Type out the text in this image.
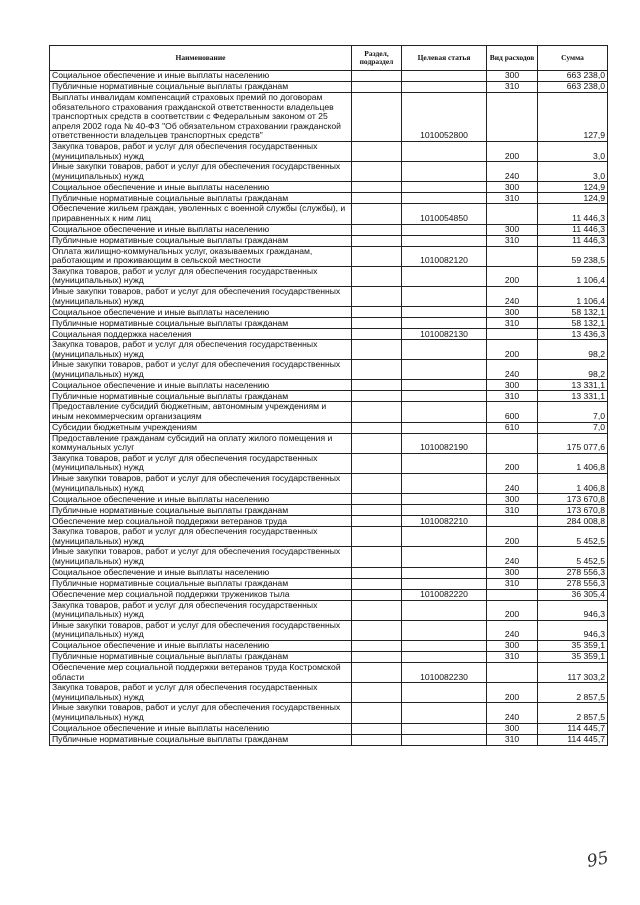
Наименование	Раздел, подраздел	Целевая статья	Вид расходов	Сумма
Социальное обеспечение и иные выплаты населению			300	663 238,0
Публичные нормативные социальные выплаты гражданам			310	663 238,0
Выплаты инвалидам компенсаций страховых премий по договорам обязательного страхования гражданской ответственности владельцев транспортных средств в соответствии с Федеральным законом от 25 апреля 2002 года № 40-ФЗ "Об обязательном страховании гражданской ответственности владельцев транспортных средств"		1010052800		127,9
Закупка товаров, работ и услуг для обеспечения государственных (муниципальных) нужд			200	3,0
Иные закупки товаров, работ и услуг для обеспечения государственных (муниципальных) нужд			240	3,0
Социальное обеспечение и иные выплаты населению			300	124,9
Публичные нормативные социальные выплаты гражданам			310	124,9
Обеспечение жильем граждан, уволенных с военной службы (службы), и приравненных к ним лиц		1010054850		11 446,3
Социальное обеспечение и иные выплаты населению			300	11 446,3
Публичные нормативные социальные выплаты гражданам			310	11 446,3
Оплата жилищно-коммунальных услуг, оказываемых гражданам, работающим и проживающим в сельской местности		1010082120		59 238,5
Закупка товаров, работ и услуг для обеспечения государственных (муниципальных) нужд			200	1 106,4
Иные закупки товаров, работ и услуг для обеспечения государственных (муниципальных) нужд			240	1 106,4
Социальное обеспечение и иные выплаты населению			300	58 132,1
Публичные нормативные социальные выплаты гражданам			310	58 132,1
Социальная поддержка населения		1010082130		13 436,3
Закупка товаров, работ и услуг для обеспечения государственных (муниципальных) нужд			200	98,2
Иные закупки товаров, работ и услуг для обеспечения государственных (муниципальных) нужд			240	98,2
Социальное обеспечение и иные выплаты населению			300	13 331,1
Публичные нормативные социальные выплаты гражданам			310	13 331,1
Предоставление субсидий бюджетным, автономным учреждениям и иным некоммерческим организациям			600	7,0
Субсидии бюджетным учреждениям			610	7,0
Предоставление гражданам субсидий на оплату жилого помещения и коммунальных услуг		1010082190		175 077,6
Закупка товаров, работ и услуг для обеспечения государственных (муниципальных) нужд			200	1 406,8
Иные закупки товаров, работ и услуг для обеспечения государственных (муниципальных) нужд			240	1 406,8
Социальное обеспечение и иные выплаты населению			300	173 670,8
Публичные нормативные социальные выплаты гражданам			310	173 670,8
Обеспечение мер социальной поддержки ветеранов труда		1010082210		284 008,8
Закупка товаров, работ и услуг для обеспечения государственных (муниципальных) нужд			200	5 452,5
Иные закупки товаров, работ и услуг для обеспечения государственных (муниципальных) нужд			240	5 452,5
Социальное обеспечение и иные выплаты населению			300	278 556,3
Публичные нормативные социальные выплаты гражданам			310	278 556,3
Обеспечение мер социальной поддержки тружеников тыла		1010082220		36 305,4
Закупка товаров, работ и услуг для обеспечения государственных (муниципальных) нужд			200	946,3
Иные закупки товаров, работ и услуг для обеспечения государственных (муниципальных) нужд			240	946,3
Социальное обеспечение и иные выплаты населению			300	35 359,1
Публичные нормативные социальные выплаты гражданам			310	35 359,1
Обеспечение мер социальной поддержки ветеранов труда Костромской области		1010082230		117 303,2
Закупка товаров, работ и услуг для обеспечения государственных (муниципальных) нужд			200	2 857,5
Иные закупки товаров, работ и услуг для обеспечения государственных (муниципальных) нужд			240	2 857,5
Социальное обеспечение и иные выплаты населению			300	114 445,7
Публичные нормативные социальные выплаты гражданам			310	114 445,7
95
